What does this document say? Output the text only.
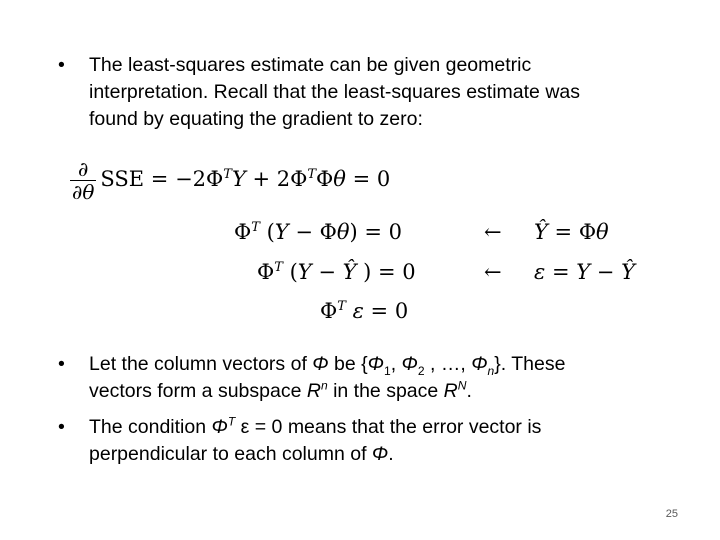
• The least-squares estimate can be given geometric
interpretation. Recall that the least-squares estimate was
found by equating the gradient to zero:
$\frac{\partial}{\partial\theta}$ SSE = $-2\Phi^TY + 2\Phi^T\Phi\theta = 0$
$\Phi^T$ (Y − Φθ) = 0
$\Phi^T$ (Y − Ŷ ) = 0
$\Phi^T$ ε = 0
← Ŷ = Φθ
← ε = Y − Ŷ
• Let the column vectors of Φ be {$\Phi_1$, $\Phi_2$ , …, $\Phi_n$}. These
vectors form a subspace $R^n$ in the space $R^N$.
• The condition $\Phi^T$ ε = 0 means that the error vector is
perpendicular to each column of Φ.
25
